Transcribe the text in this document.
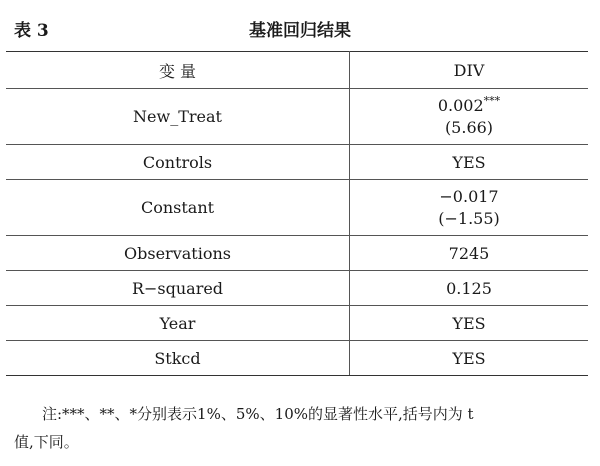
表 3	基准回归结果
变 量	DIV
New_Treat	0.002***
(5.66)

Controls	YES
Constant	−0.017
(−1.55)

Observations	7245
R−squared	0.125
Year	YES
Stkcd	YES
注:***、**、*分别表示1%、5%、10%的显著性水平,括号内为 t
值,下同。
